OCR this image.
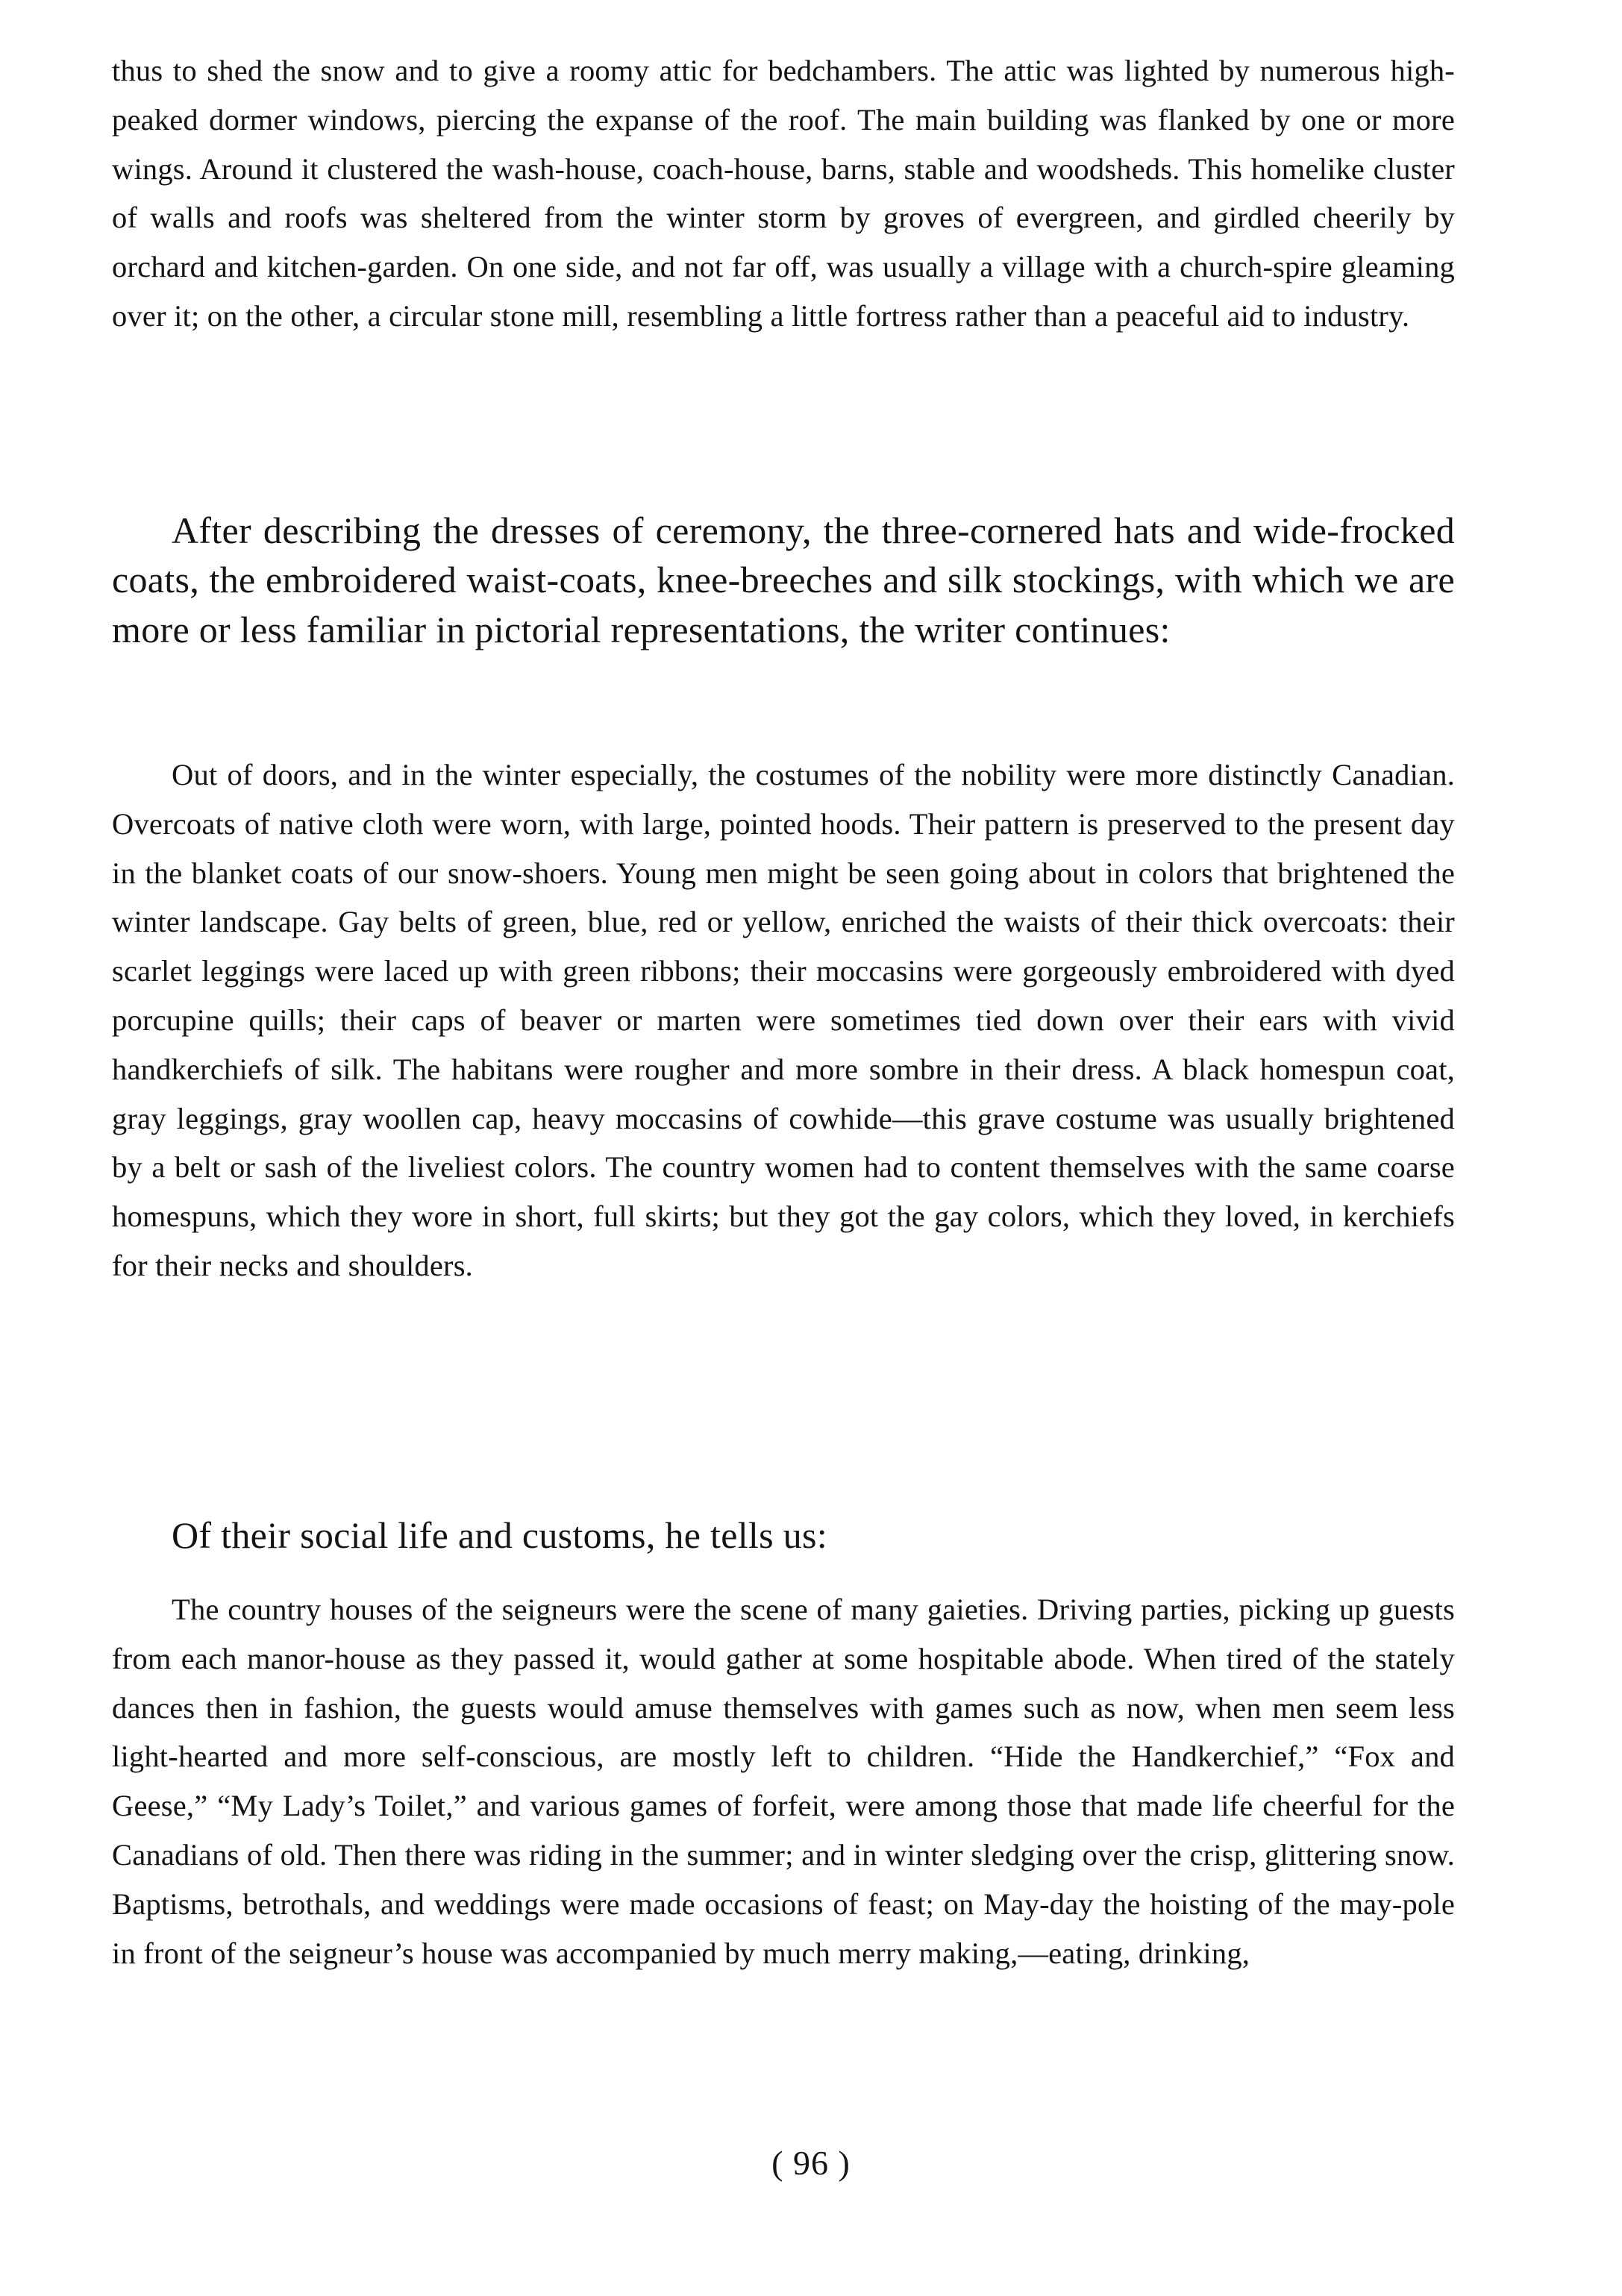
thus to shed the snow and to give a roomy attic for bedchambers. The attic was lighted by numerous high-peaked dormer windows, piercing the expanse of the roof. The main building was flanked by one or more wings. Around it clustered the wash-house, coach-house, barns, stable and woodsheds. This homelike cluster of walls and roofs was sheltered from the winter storm by groves of evergreen, and girdled cheerily by orchard and kitchen-garden. On one side, and not far off, was usually a village with a church-spire gleaming over it; on the other, a circular stone mill, resembling a little fortress rather than a peaceful aid to industry.

After describing the dresses of ceremony, the three-cornered hats and wide-frocked coats, the embroidered waist-coats, knee-breeches and silk stockings, with which we are more or less familiar in pictorial representations, the writer continues:

Out of doors, and in the winter especially, the costumes of the nobility were more distinctly Canadian. Overcoats of native cloth were worn, with large, pointed hoods. Their pattern is preserved to the present day in the blanket coats of our snow-shoers. Young men might be seen going about in colors that brightened the winter landscape. Gay belts of green, blue, red or yellow, enriched the waists of their thick overcoats: their scarlet leggings were laced up with green ribbons; their moccasins were gorgeously embroidered with dyed porcupine quills; their caps of beaver or marten were sometimes tied down over their ears with vivid handkerchiefs of silk. The habitans were rougher and more sombre in their dress. A black homespun coat, gray leggings, gray woollen cap, heavy moccasins of cowhide—this grave costume was usually brightened by a belt or sash of the liveliest colors. The country women had to content themselves with the same coarse homespuns, which they wore in short, full skirts; but they got the gay colors, which they loved, in kerchiefs for their necks and shoulders.

Of their social life and customs, he tells us:

The country houses of the seigneurs were the scene of many gaieties. Driving parties, picking up guests from each manor-house as they passed it, would gather at some hospitable abode. When tired of the stately dances then in fashion, the guests would amuse themselves with games such as now, when men seem less light-hearted and more self-conscious, are mostly left to children. “Hide the Handkerchief,” “Fox and Geese,” “My Lady’s Toilet,” and various games of forfeit, were among those that made life cheerful for the Canadians of old. Then there was riding in the summer; and in winter sledging over the crisp, glittering snow. Baptisms, betrothals, and weddings were made occasions of feast; on May-day the hoisting of the may-pole in front of the seigneur’s house was accompanied by much merry making,—eating, drinking,

( 96 )
